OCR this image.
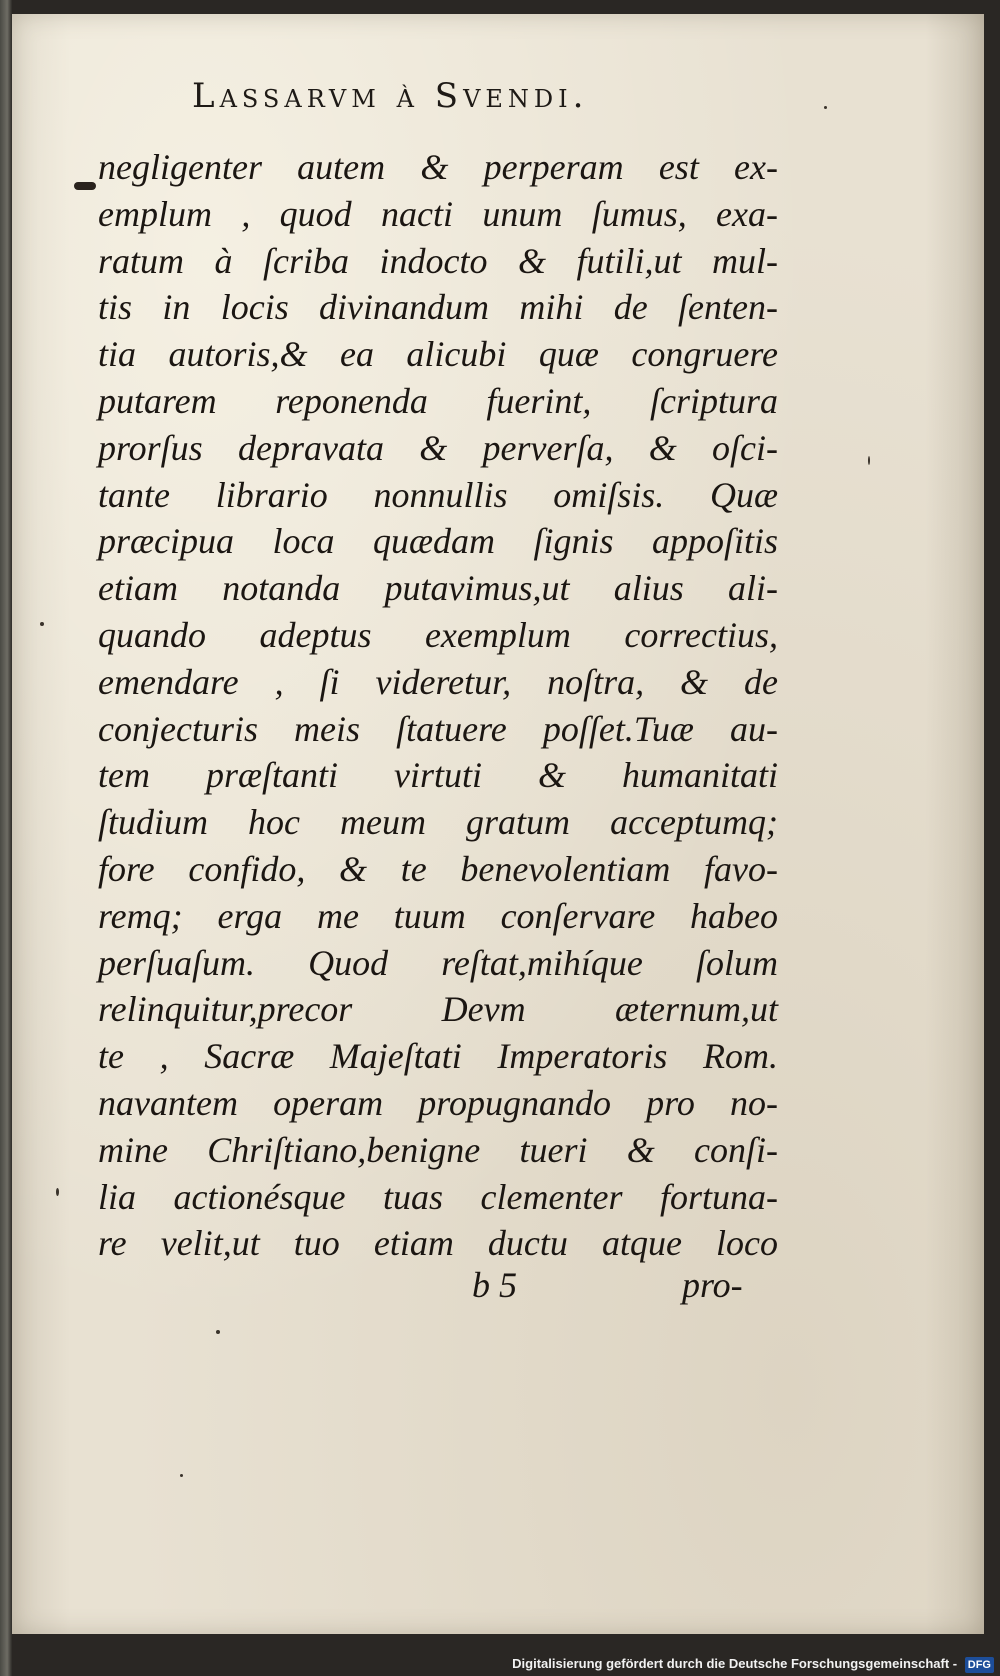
Lassarvm à Svendi.
negligenter autem & perperam est ex-
emplum , quod nacti unum ſumus, exa-
ratum à ſcriba indocto & futili,ut mul-
tis in locis divinandum mihi de ſenten-
tia autoris,& ea alicubi quæ congruere
putarem reponenda fuerint, ſcriptura
prorſus depravata & perverſa, & oſci-
tante librario nonnullis omiſsis. Quæ
præcipua loca quædam ſignis appoſitis
etiam notanda putavimus,ut alius ali-
quando adeptus exemplum correctius,
emendare , ſi videretur, noſtra, & de
conjecturis meis ſtatuere poſſet.Tuæ au-
tem præſtanti virtuti & humanitati
ſtudium hoc meum gratum acceptumq;
fore confido, & te benevolentiam favo-
remq; erga me tuum conſervare habeo
perſuaſum. Quod reſtat,mihíque ſolum
relinquitur,precor Devm æternum,ut
te , Sacræ Majeſtati Imperatoris Rom.
navantem operam propugnando pro no-
mine Chriſtiano,benigne tueri & conſi-
lia actionésque tuas clementer fortuna-
re velit,ut tuo etiam ductu atque loco
b 5	pro-
Digitalisierung gefördert durch die Deutsche Forschungsgemeinschaft - DFG
